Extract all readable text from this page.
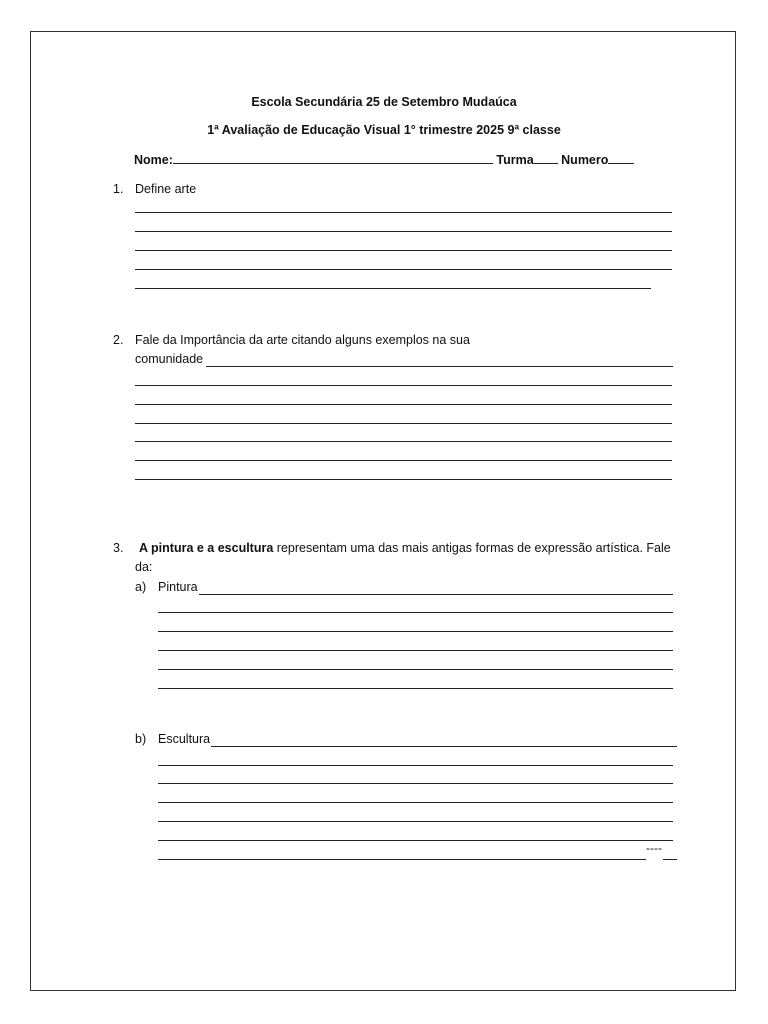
Escola Secundária 25 de Setembro Mudaúca
1ª Avaliação de Educação Visual 1° trimestre 2025 9ª classe
Nome:	Turma Numero
1. Define arte
2. Fale da Importância da arte citando alguns exemplos na sua
comunidade
3. A pintura e a escultura representam uma das mais antigas formas de expressão artística. Fale
da:
a) Pintura
b) Escultura
----
